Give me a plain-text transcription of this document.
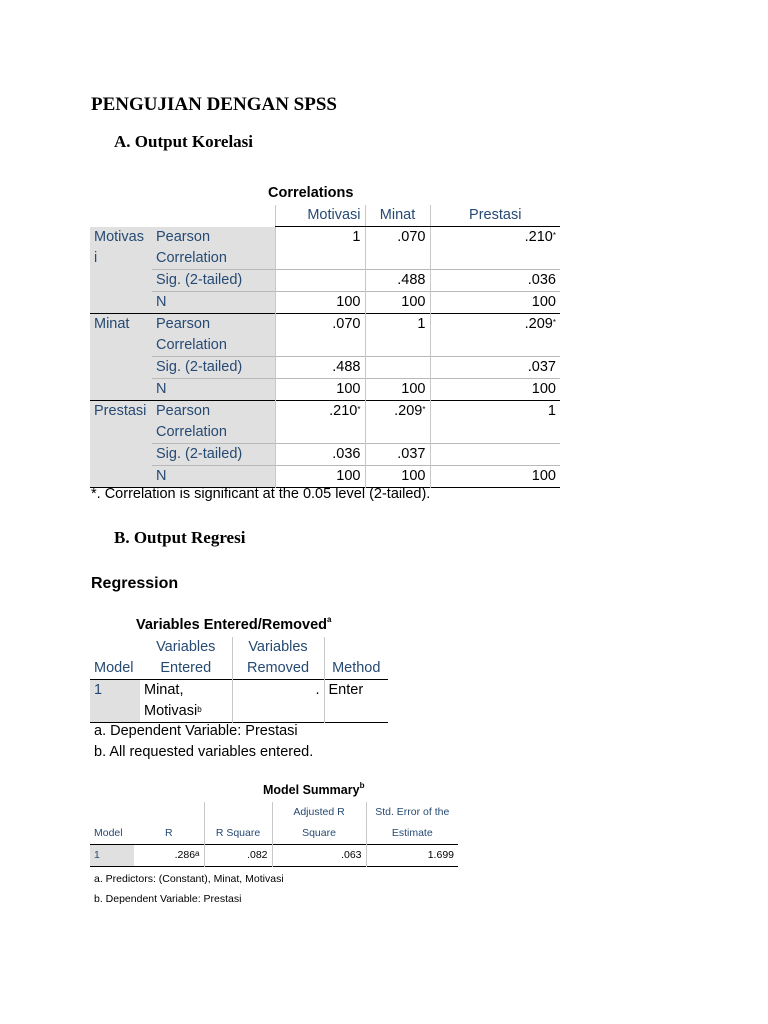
PENGUJIAN DENGAN SPSS
A. Output Korelasi
Correlations
		Motivasi	Minat	Prestasi
Motivas
i	Pearson
Correlation	1	.070	.210*
	Sig. (2-tailed)		.488	.036
	N	100	100	100
Minat	Pearson
Correlation	.070	1	.209*
	Sig. (2-tailed)	.488		.037
	N	100	100	100
Prestasi	Pearson
Correlation	.210*	.209*	1
	Sig. (2-tailed)	.036	.037	
	N	100	100	100
*. Correlation is significant at the 0.05 level (2-tailed).
B. Output Regresi
Regression
Variables Entered/Removed$^a$
	Variables	Variables	
Model	Entered	Removed	Method
1	Minat,	.	Enter
	Motivasi$^b$		
a. Dependent Variable: Prestasi
b. All requested variables entered.
Model Summary$^b$
			Adjusted R	Std. Error of the
Model	R	R Square	Square	Estimate
1	.286$^a$	.082	.063	1.699
a. Predictors: (Constant), Minat, Motivasi
b. Dependent Variable: Prestasi
